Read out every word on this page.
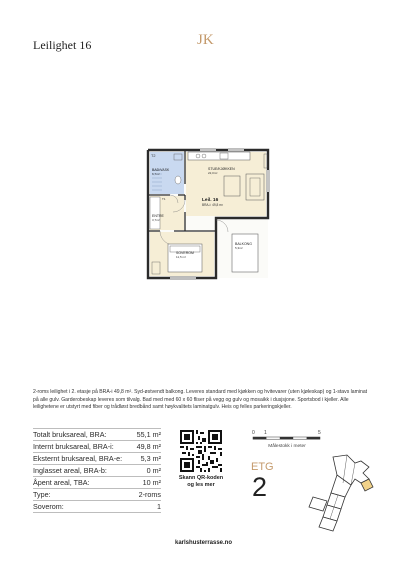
Leilighet 16	JK
T2
T1
BAD/VASK
6,7m²
STUE/KJØKKEN
22,0m²
Leil. 16
BRA-i: 49,8 m²
ENTRE
3,7m²
SOVEROM
11,5 m²
BALKONG
5,3m²
2-roms leilighet i 2. etasje på BRA-i 49,8 m². Syd-østvendt balkong. Leveres standard med kjøkken og hvitevarer (uten kjøleskap) og 1-stavs laminat på alle gulv. Garderobeskap leveres som tilvalg. Bad med med 60 x 60 fliser på vegg og gulv og mosaikk i dusjsjone. Sportsbod i kjeller. Alle leilighetene er utstyrt med fiber og trådløst bredbånd samt høykvalitets laminatgulv. Heis og felles parkeringskjeller.
Totalt bruksareal, BRA:	55,1 m²
Internt bruksareal, BRA-i:	49,8 m²
Eksternt bruksareal, BRA-e:	5,3 m²
Inglasset areal, BRA-b:	0 m²
Åpent areal, TBA:	10 m²
Type:	2-roms
Soverom:	1
Skann QR-koden
og les mer
0 1	5
Målestokk i meter
ETG
2
karlshusterrasse.no
